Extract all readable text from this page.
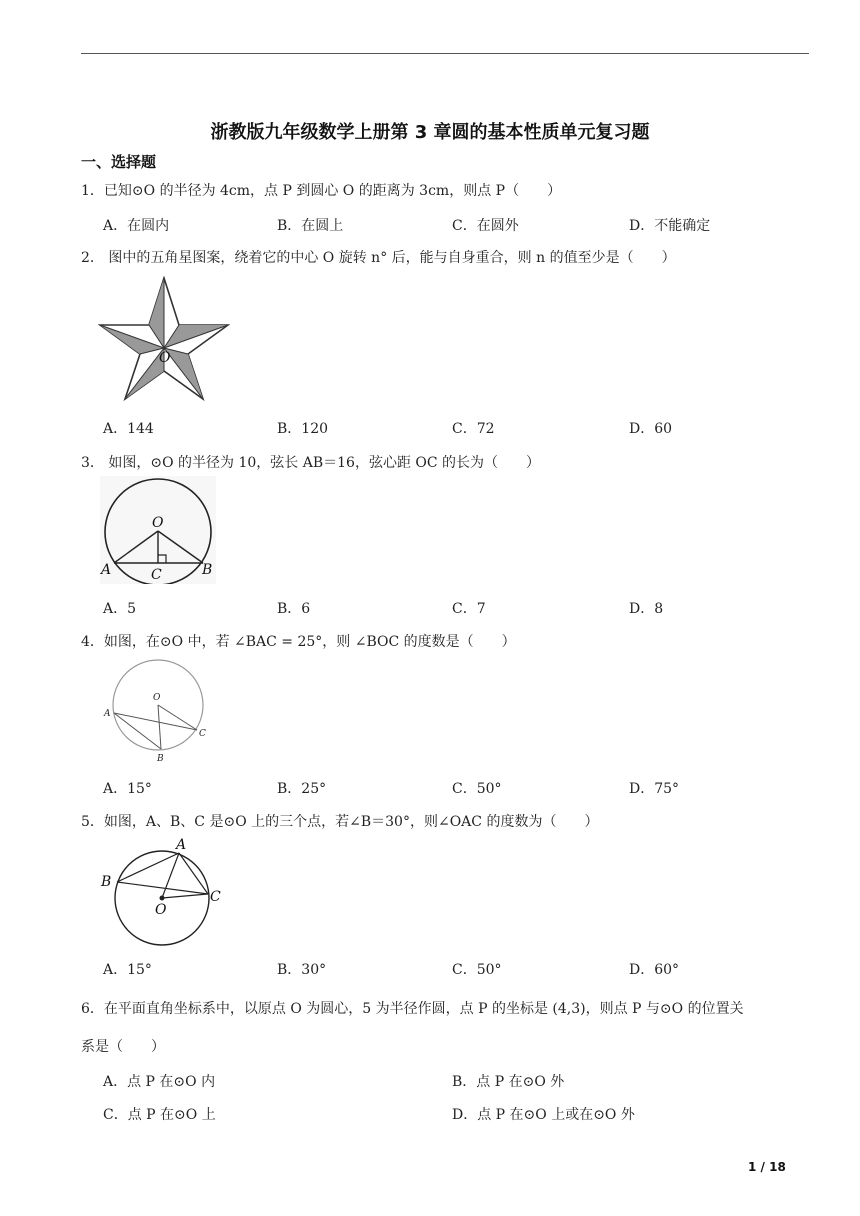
浙教版九年级数学上册第 3 章圆的基本性质单元复习题
一、选择题
1．已知⊙O 的半径为 4cm，点 P 到圆心 O 的距离为 3cm，则点 P（　　）
A．在圆内	B．在圆上	C．在圆外	D．不能确定
2． 图中的五角星图案，绕着它的中心 O 旋转 n° 后，能与自身重合，则 n 的值至少是（　　）
O
A．144	B．120	C．72	D．60
3． 如图，⊙O 的半径为 10，弦长 AB＝16，弦心距 OC 的长为（　　）
O
A	C	B
A．5	B．6	C．7	D．8
4．如图，在⊙O 中，若 ∠BAC = 25°，则 ∠BOC 的度数是（　　）
O
A
C
B
A．15°	B．25°	C．50°	D．75°
5．如图，A、B、C 是⊙O 上的三个点，若∠B＝30°，则∠OAC 的度数为（　　）
A
B
C
O
A．15°	B．30°	C．50°	D．60°
6．在平面直角坐标系中，以原点 O 为圆心，5 为半径作圆，点 P 的坐标是 (4,3)，则点 P 与⊙O 的位置关
系是（　　）
A．点 P 在⊙O 内	B．点 P 在⊙O 外
C．点 P 在⊙O 上	D．点 P 在⊙O 上或在⊙O 外
1 / 18
